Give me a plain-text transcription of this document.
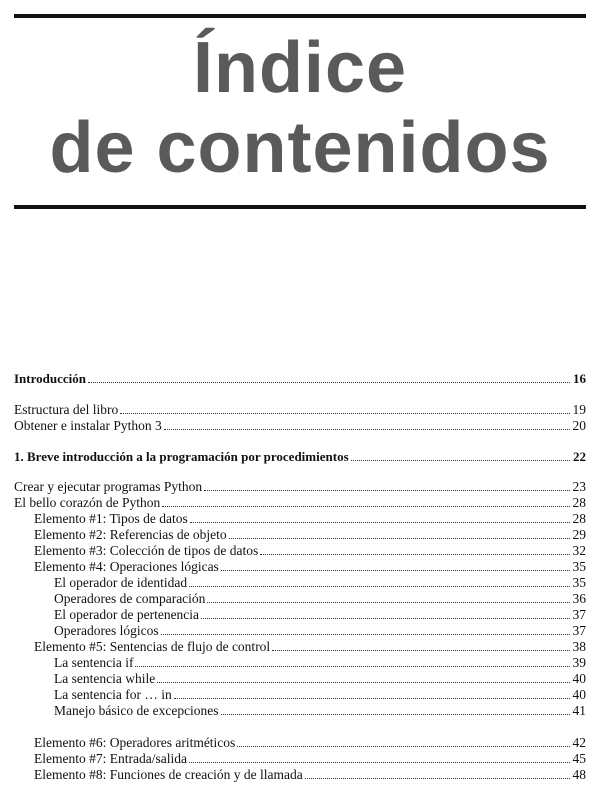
Índice
de contenidos
Introducción	16
Estructura del libro	19
Obtener e instalar Python 3	20
1. Breve introducción a la programación por procedimientos	22
Crear y ejecutar programas Python	23
El bello corazón de Python	28
Elemento #1: Tipos de datos	28
Elemento #2: Referencias de objeto	29
Elemento #3: Colección de tipos de datos	32
Elemento #4: Operaciones lógicas	35
El operador de identidad	35
Operadores de comparación	36
El operador de pertenencia	37
Operadores lógicos	37
Elemento #5: Sentencias de flujo de control	38
La sentencia if	39
La sentencia while	40
La sentencia for … in	40
Manejo básico de excepciones	41
Elemento #6: Operadores aritméticos	42
Elemento #7: Entrada/salida	45
Elemento #8: Funciones de creación y de llamada	48
